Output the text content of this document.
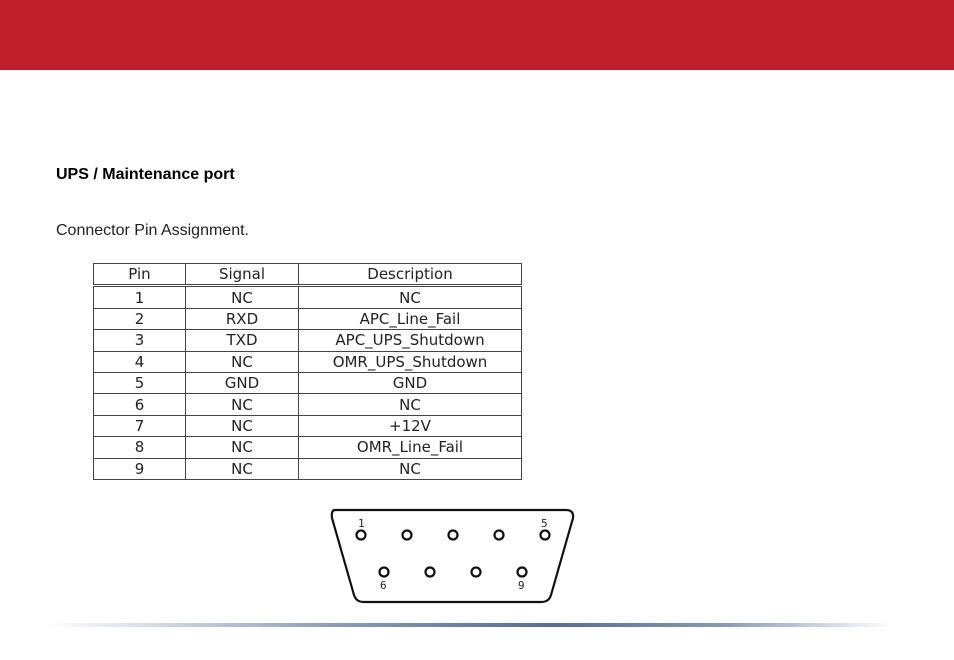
UPS / Maintenance port
Connector Pin Assignment.
Pin	Signal	Description
1	NC	NC
2	RXD	APC_Line_Fail
3	TXD	APC_UPS_Shutdown
4	NC	OMR_UPS_Shutdown
5	GND	GND
6	NC	NC
7	NC	+12V
8	NC	OMR_Line_Fail
9	NC	NC
1	5
6	9
